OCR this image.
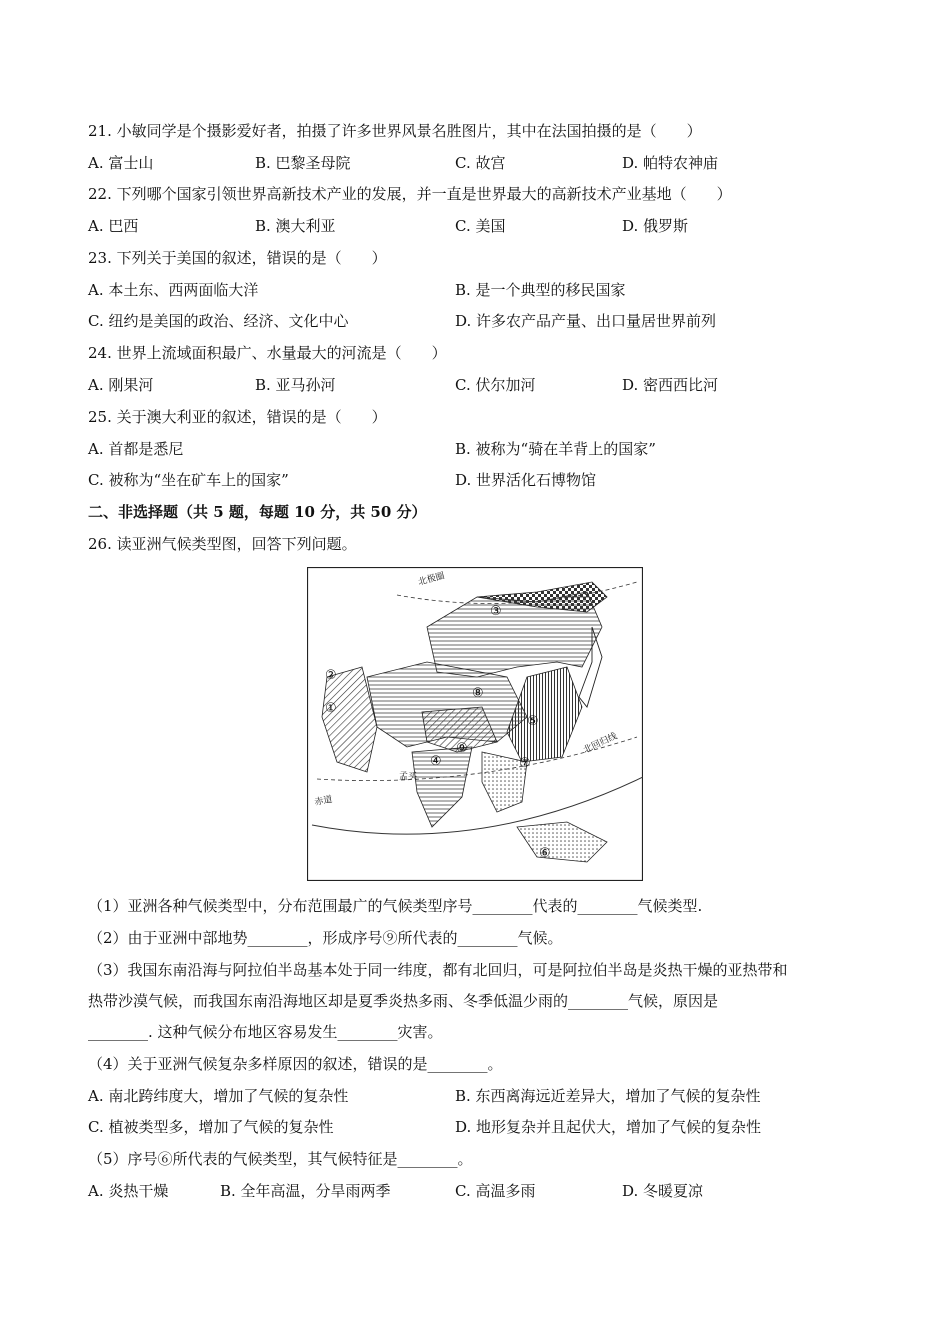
21. 小敏同学是个摄影爱好者，拍摄了许多世界风景名胜图片，其中在法国拍摄的是（　　）
A. 富士山	B. 巴黎圣母院	C. 故宫	D. 帕特农神庙
22. 下列哪个国家引领世界高新技术产业的发展，并一直是世界最大的高新技术产业基地（　　）
A. 巴西	B. 澳大利亚	C. 美国	D. 俄罗斯
23. 下列关于美国的叙述，错误的是（　　）
A. 本土东、西两面临大洋	B. 是一个典型的移民国家
C. 纽约是美国的政治、经济、文化中心	D. 许多农产品产量、出口量居世界前列
24. 世界上流域面积最广、水量最大的河流是（　　）
A. 刚果河	B. 亚马孙河	C. 伏尔加河	D. 密西西比河
25. 关于澳大利亚的叙述，错误的是（　　）
A. 首都是悉尼	B. 被称为“骑在羊背上的国家”
C. 被称为“坐在矿车上的国家”	D. 世界活化石博物馆
二、非选择题（共 5 题，每题 10 分，共 50 分）
26. 读亚洲气候类型图，回答下列问题。
北极圈
北回归线
赤道
孟买
①
②
③
④
⑤
⑥
⑦
⑧
⑨
（1）亚洲各种气候类型中，分布范围最广的气候类型序号________代表的________气候类型.
（2）由于亚洲中部地势________，形成序号⑨所代表的________气候。
（3）我国东南沿海与阿拉伯半岛基本处于同一纬度，都有北回归，可是阿拉伯半岛是炎热干燥的亚热带和
热带沙漠气候，而我国东南沿海地区却是夏季炎热多雨、冬季低温少雨的________气候，原因是
________. 这种气候分布地区容易发生________灾害。
（4）关于亚洲气候复杂多样原因的叙述，错误的是________。
A. 南北跨纬度大，增加了气候的复杂性	B. 东西离海远近差异大，增加了气候的复杂性
C. 植被类型多，增加了气候的复杂性	D. 地形复杂并且起伏大，增加了气候的复杂性
（5）序号⑥所代表的气候类型，其气候特征是________。
A. 炎热干燥	B. 全年高温，分旱雨两季	C. 高温多雨	D. 冬暖夏凉
